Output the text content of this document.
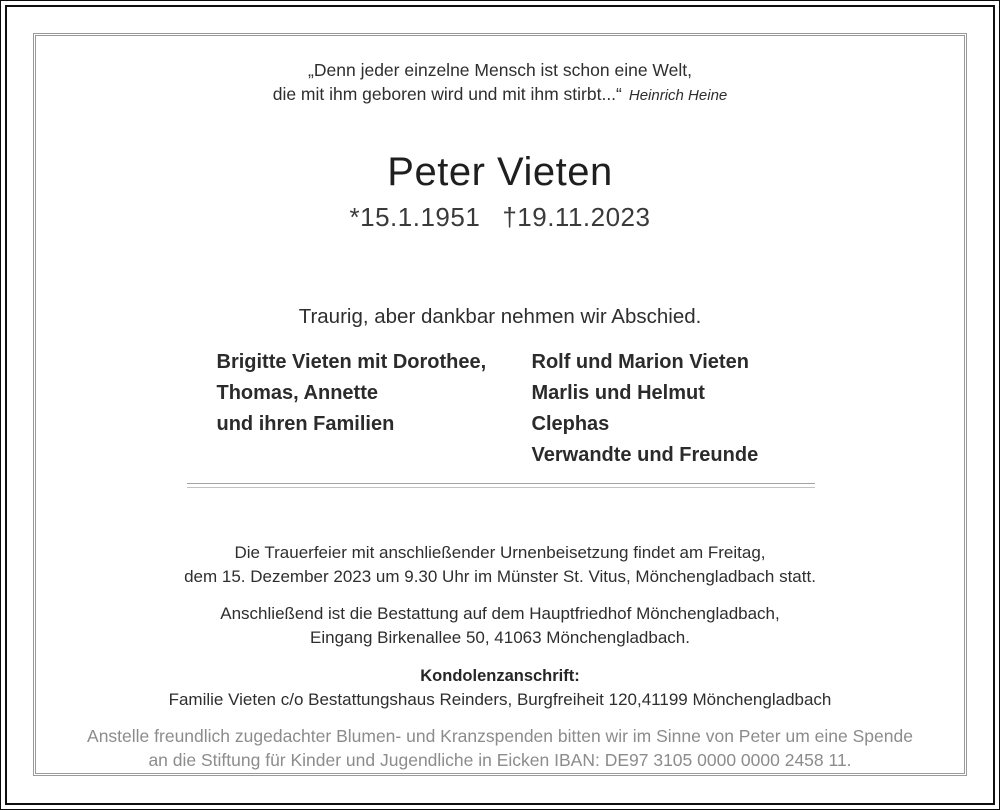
„Denn jeder einzelne Mensch ist schon eine Welt,
die mit ihm geboren wird und mit ihm stirbt...“ Heinrich Heine
Peter Vieten
*15.1.1951 †19.11.2023
Traurig, aber dankbar nehmen wir Abschied.
Brigitte Vieten mit Dorothee,
Thomas, Annette
und ihren Familien
Rolf und Marion Vieten
Marlis und Helmut Clephas
Verwandte und Freunde
Die Trauerfeier mit anschließender Urnenbeisetzung findet am Freitag,
dem 15. Dezember 2023 um 9.30 Uhr im Münster St. Vitus, Mönchengladbach statt.
Anschließend ist die Bestattung auf dem Hauptfriedhof Mönchengladbach,
Eingang Birkenallee 50, 41063 Mönchengladbach.
Kondolenzanschrift:
Familie Vieten c/o Bestattungshaus Reinders, Burgfreiheit 120,41199 Mönchengladbach
Anstelle freundlich zugedachter Blumen- und Kranzspenden bitten wir im Sinne von Peter um eine Spende
an die Stiftung für Kinder und Jugendliche in Eicken IBAN: DE97 3105 0000 0000 2458 11.
